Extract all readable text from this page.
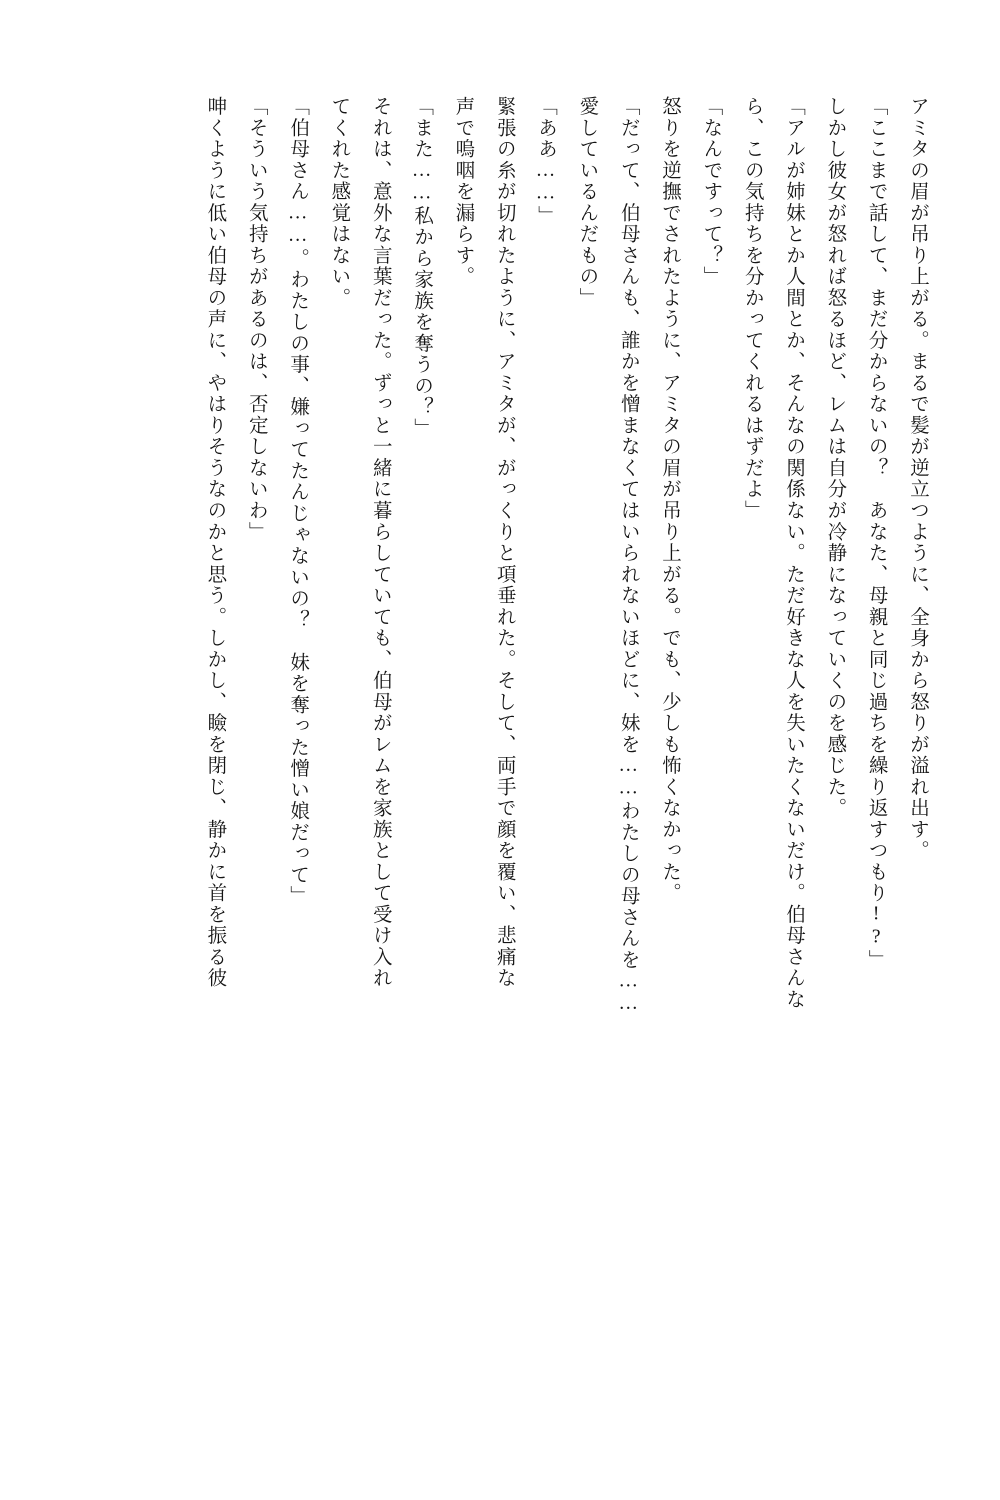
アミタの眉が吊り上がる。まるで髪が逆立つように、全身から怒りが溢れ出す。
「ここまで話して、まだ分からないの？　あなた、母親と同じ過ちを繰り返すつもり!?」
しかし彼女が怒れば怒るほど、レムは自分が冷静になっていくのを感じた。
「アルが姉妹とか人間とか、そんなの関係ない。ただ好きな人を失いたくないだけ。伯母さんな
ら、この気持ちを分かってくれるはずだよ」
「なんですって？」
怒りを逆撫でされたように、アミタの眉が吊り上がる。でも、少しも怖くなかった。
「だって、伯母さんも、誰かを憎まなくてはいられないほどに、妹を……わたしの母さんを……
愛しているんだもの」
「ああ……」
緊張の糸が切れたように、アミタが、がっくりと項垂れた。そして、両手で顔を覆い、悲痛な
声で嗚咽を漏らす。
「また……私から家族を奪うの？」
それは、意外な言葉だった。ずっと一緒に暮らしていても、伯母がレムを家族として受け入れ
てくれた感覚はない。
「伯母さん……。わたしの事、嫌ってたんじゃないの？　妹を奪った憎い娘だって」
「そういう気持ちがあるのは、否定しないわ」
呻くように低い伯母の声に、やはりそうなのかと思う。しかし、瞼を閉じ、静かに首を振る彼
